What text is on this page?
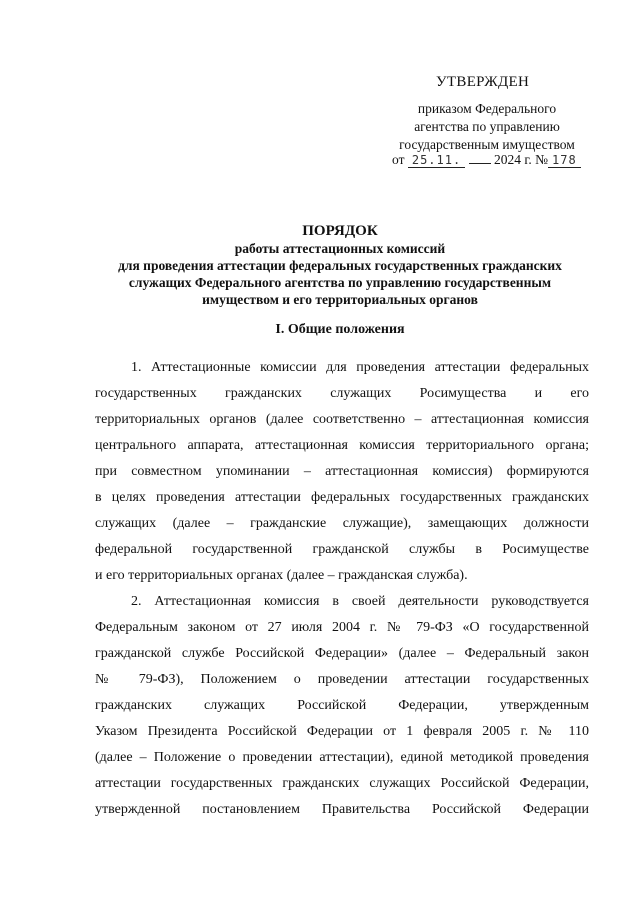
УТВЕРЖДЕН
приказом Федерального
агентства по управлению
государственным имуществом
от 25.11. 2024 г. № 178
ПОРЯДОК
работы аттестационных комиссий
для проведения аттестации федеральных государственных гражданских
служащих Федерального агентства по управлению государственным
имуществом и его территориальных органов
I. Общие положения
1. Аттестационные комиссии для проведения аттестации федеральных
государственных гражданских служащих Росимущества и его
территориальных органов (далее соответственно – аттестационная комиссия
центрального аппарата, аттестационная комиссия территориального органа;
при совместном упоминании – аттестационная комиссия) формируются
в целях проведения аттестации федеральных государственных гражданских
служащих (далее – гражданские служащие), замещающих должности
федеральной государственной гражданской службы в Росимуществе
и его территориальных органах (далее – гражданская служба).
2. Аттестационная комиссия в своей деятельности руководствуется
Федеральным законом от 27 июля 2004 г. № 79-ФЗ «О государственной
гражданской службе Российской Федерации» (далее – Федеральный закон
№ 79-ФЗ), Положением о проведении аттестации государственных
гражданских служащих Российской Федерации, утвержденным
Указом Президента Российской Федерации от 1 февраля 2005 г. № 110
(далее – Положение о проведении аттестации), единой методикой проведения
аттестации государственных гражданских служащих Российской Федерации,
утвержденной постановлением Правительства Российской Федерации
